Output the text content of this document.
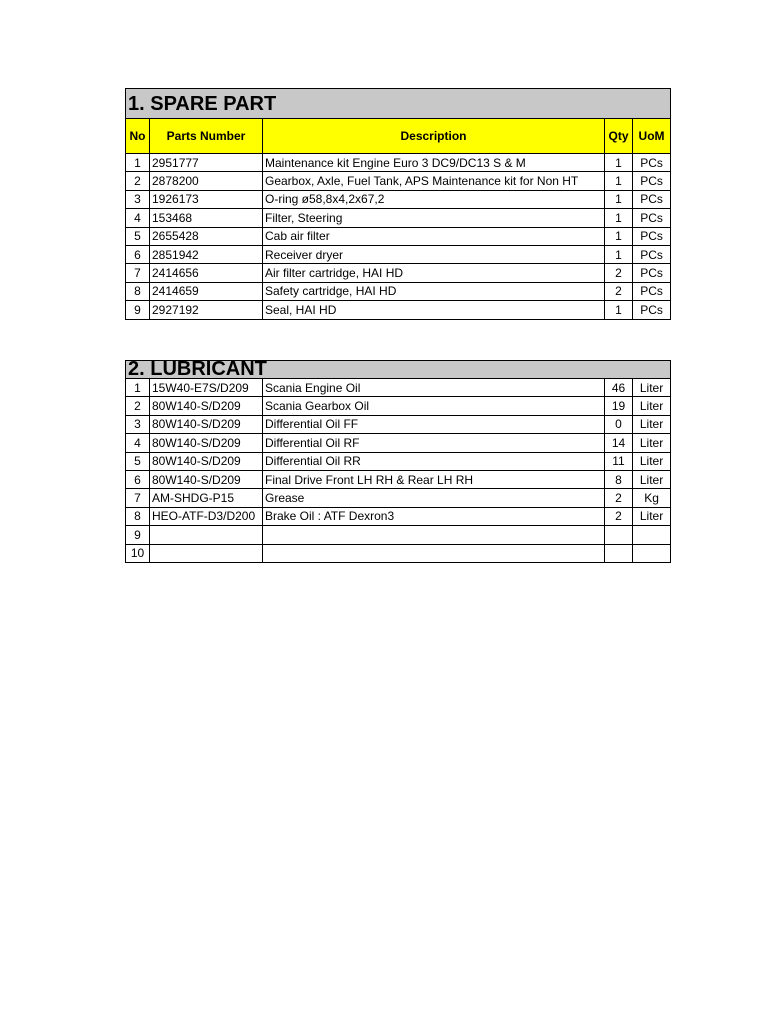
1. SPARE PART				
No	Parts Number	Description	Qty	UoM
1	2951777	Maintenance kit Engine Euro 3 DC9/DC13 S & M	1	PCs
2	2878200	Gearbox, Axle, Fuel Tank, APS Maintenance kit for Non HT	1	PCs
3	1926173	O-ring ø58,8x4,2x67,2	1	PCs
4	153468	Filter, Steering	1	PCs
5	2655428	Cab air filter	1	PCs
6	2851942	Receiver dryer	1	PCs
7	2414656	Air filter cartridge, HAI HD	2	PCs
8	2414659	Safety cartridge, HAI HD	2	PCs
9	2927192	Seal, HAI HD	1	PCs
2. LUBRICANT				
1	15W40-E7S/D209	Scania Engine Oil	46	Liter
2	80W140-S/D209	Scania Gearbox Oil	19	Liter
3	80W140-S/D209	Differential Oil FF	0	Liter
4	80W140-S/D209	Differential Oil RF	14	Liter
5	80W140-S/D209	Differential Oil RR	11	Liter
6	80W140-S/D209	Final Drive Front LH RH & Rear LH RH	8	Liter
7	AM-SHDG-P15	Grease	2	Kg
8	HEO-ATF-D3/D200	Brake Oil : ATF Dexron3	2	Liter
9				
10				
